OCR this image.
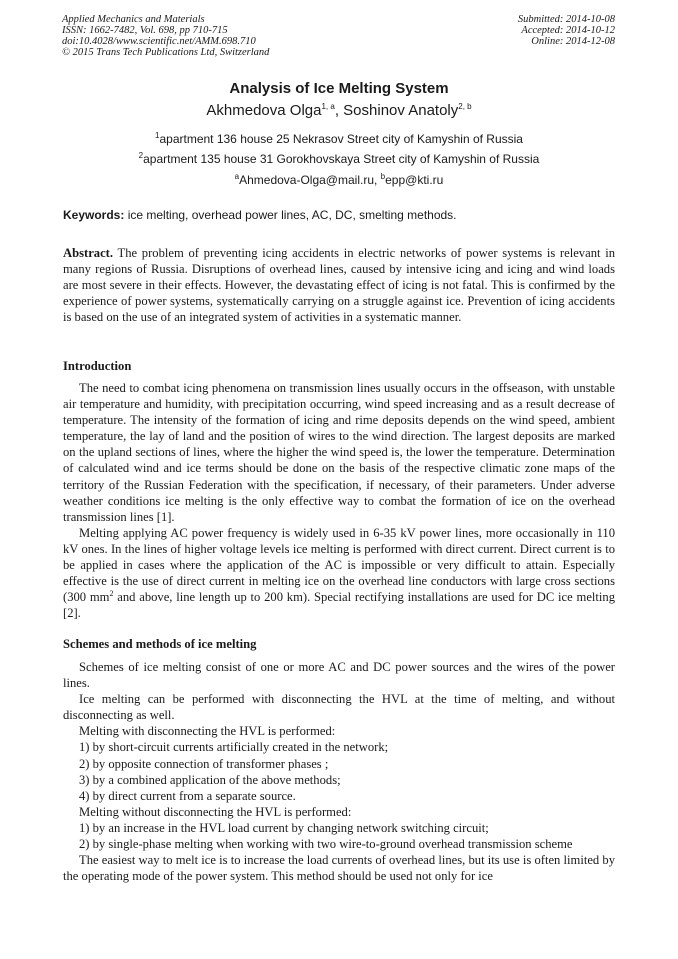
Applied Mechanics and Materials
ISSN: 1662-7482, Vol. 698, pp 710-715
doi:10.4028/www.scientific.net/AMM.698.710
© 2015 Trans Tech Publications Ltd, Switzerland
Submitted: 2014-10-08
Accepted: 2014-10-12
Online: 2014-12-08
Analysis of Ice Melting System
Akhmedova Olga$^{1, a}$, Soshinov Anatoly$^{2, b}$
$^1$apartment 136 house 25 Nekrasov Street city of Kamyshin of Russia
$^2$apartment 135 house 31 Gorokhovskaya Street city of Kamyshin of Russia
$^a$Ahmedova-Olga@mail.ru, $^b$epp@kti.ru
Keywords: ice melting, overhead power lines, AC, DC, smelting methods.

Abstract. The problem of preventing icing accidents in electric networks of power systems is relevant in many regions of Russia. Disruptions of overhead lines, caused by intensive icing and icing and wind loads are most severe in their effects. However, the devastating effect of icing is not fatal. This is confirmed by the experience of power systems, systematically carrying on a struggle against ice. Prevention of icing accidents is based on the use of an integrated system of activities in a systematic manner.

Introduction

The need to combat icing phenomena on transmission lines usually occurs in the offseason, with unstable air temperature and humidity, with precipitation occurring, wind speed increasing and as a result decrease of temperature. The intensity of the formation of icing and rime deposits depends on the wind speed, ambient temperature, the lay of land and the position of wires to the wind direction. The largest deposits are marked on the upland sections of lines, where the higher the wind speed is, the lower the temperature. Determination of calculated wind and ice terms should be done on the basis of the respective climatic zone maps of the territory of the Russian Federation with the specification, if necessary, of their parameters. Under adverse weather conditions ice melting is the only effective way to combat the formation of ice on the overhead transmission lines [1].

Melting applying AC power frequency is widely used in 6-35 kV power lines, more occasionally in 110 kV ones. In the lines of higher voltage levels ice melting is performed with direct current. Direct current is to be applied in cases where the application of the AC is impossible or very difficult to attain. Especially effective is the use of direct current in melting ice on the overhead line conductors with large cross sections (300 $mm^2$ and above, line length up to 200 km). Special rectifying installations are used for DC ice melting [2].

Schemes and methods of ice melting

Schemes of ice melting consist of one or more AC and DC power sources and the wires of the power lines.

Ice melting can be performed with disconnecting the HVL at the time of melting, and without disconnecting as well.

Melting with disconnecting the HVL is performed:

1) by short-circuit currents artificially created in the network;

2) by opposite connection of transformer phases ;

3) by a combined application of the above methods;

4) by direct current from a separate source.

Melting without disconnecting the HVL is performed:

1) by an increase in the HVL load current by changing network switching circuit;

2) by single-phase melting when working with two wire-to-ground overhead transmission scheme

The easiest way to melt ice is to increase the load currents of overhead lines, but its use is often limited by the operating mode of the power system. This method should be used not only for ice
